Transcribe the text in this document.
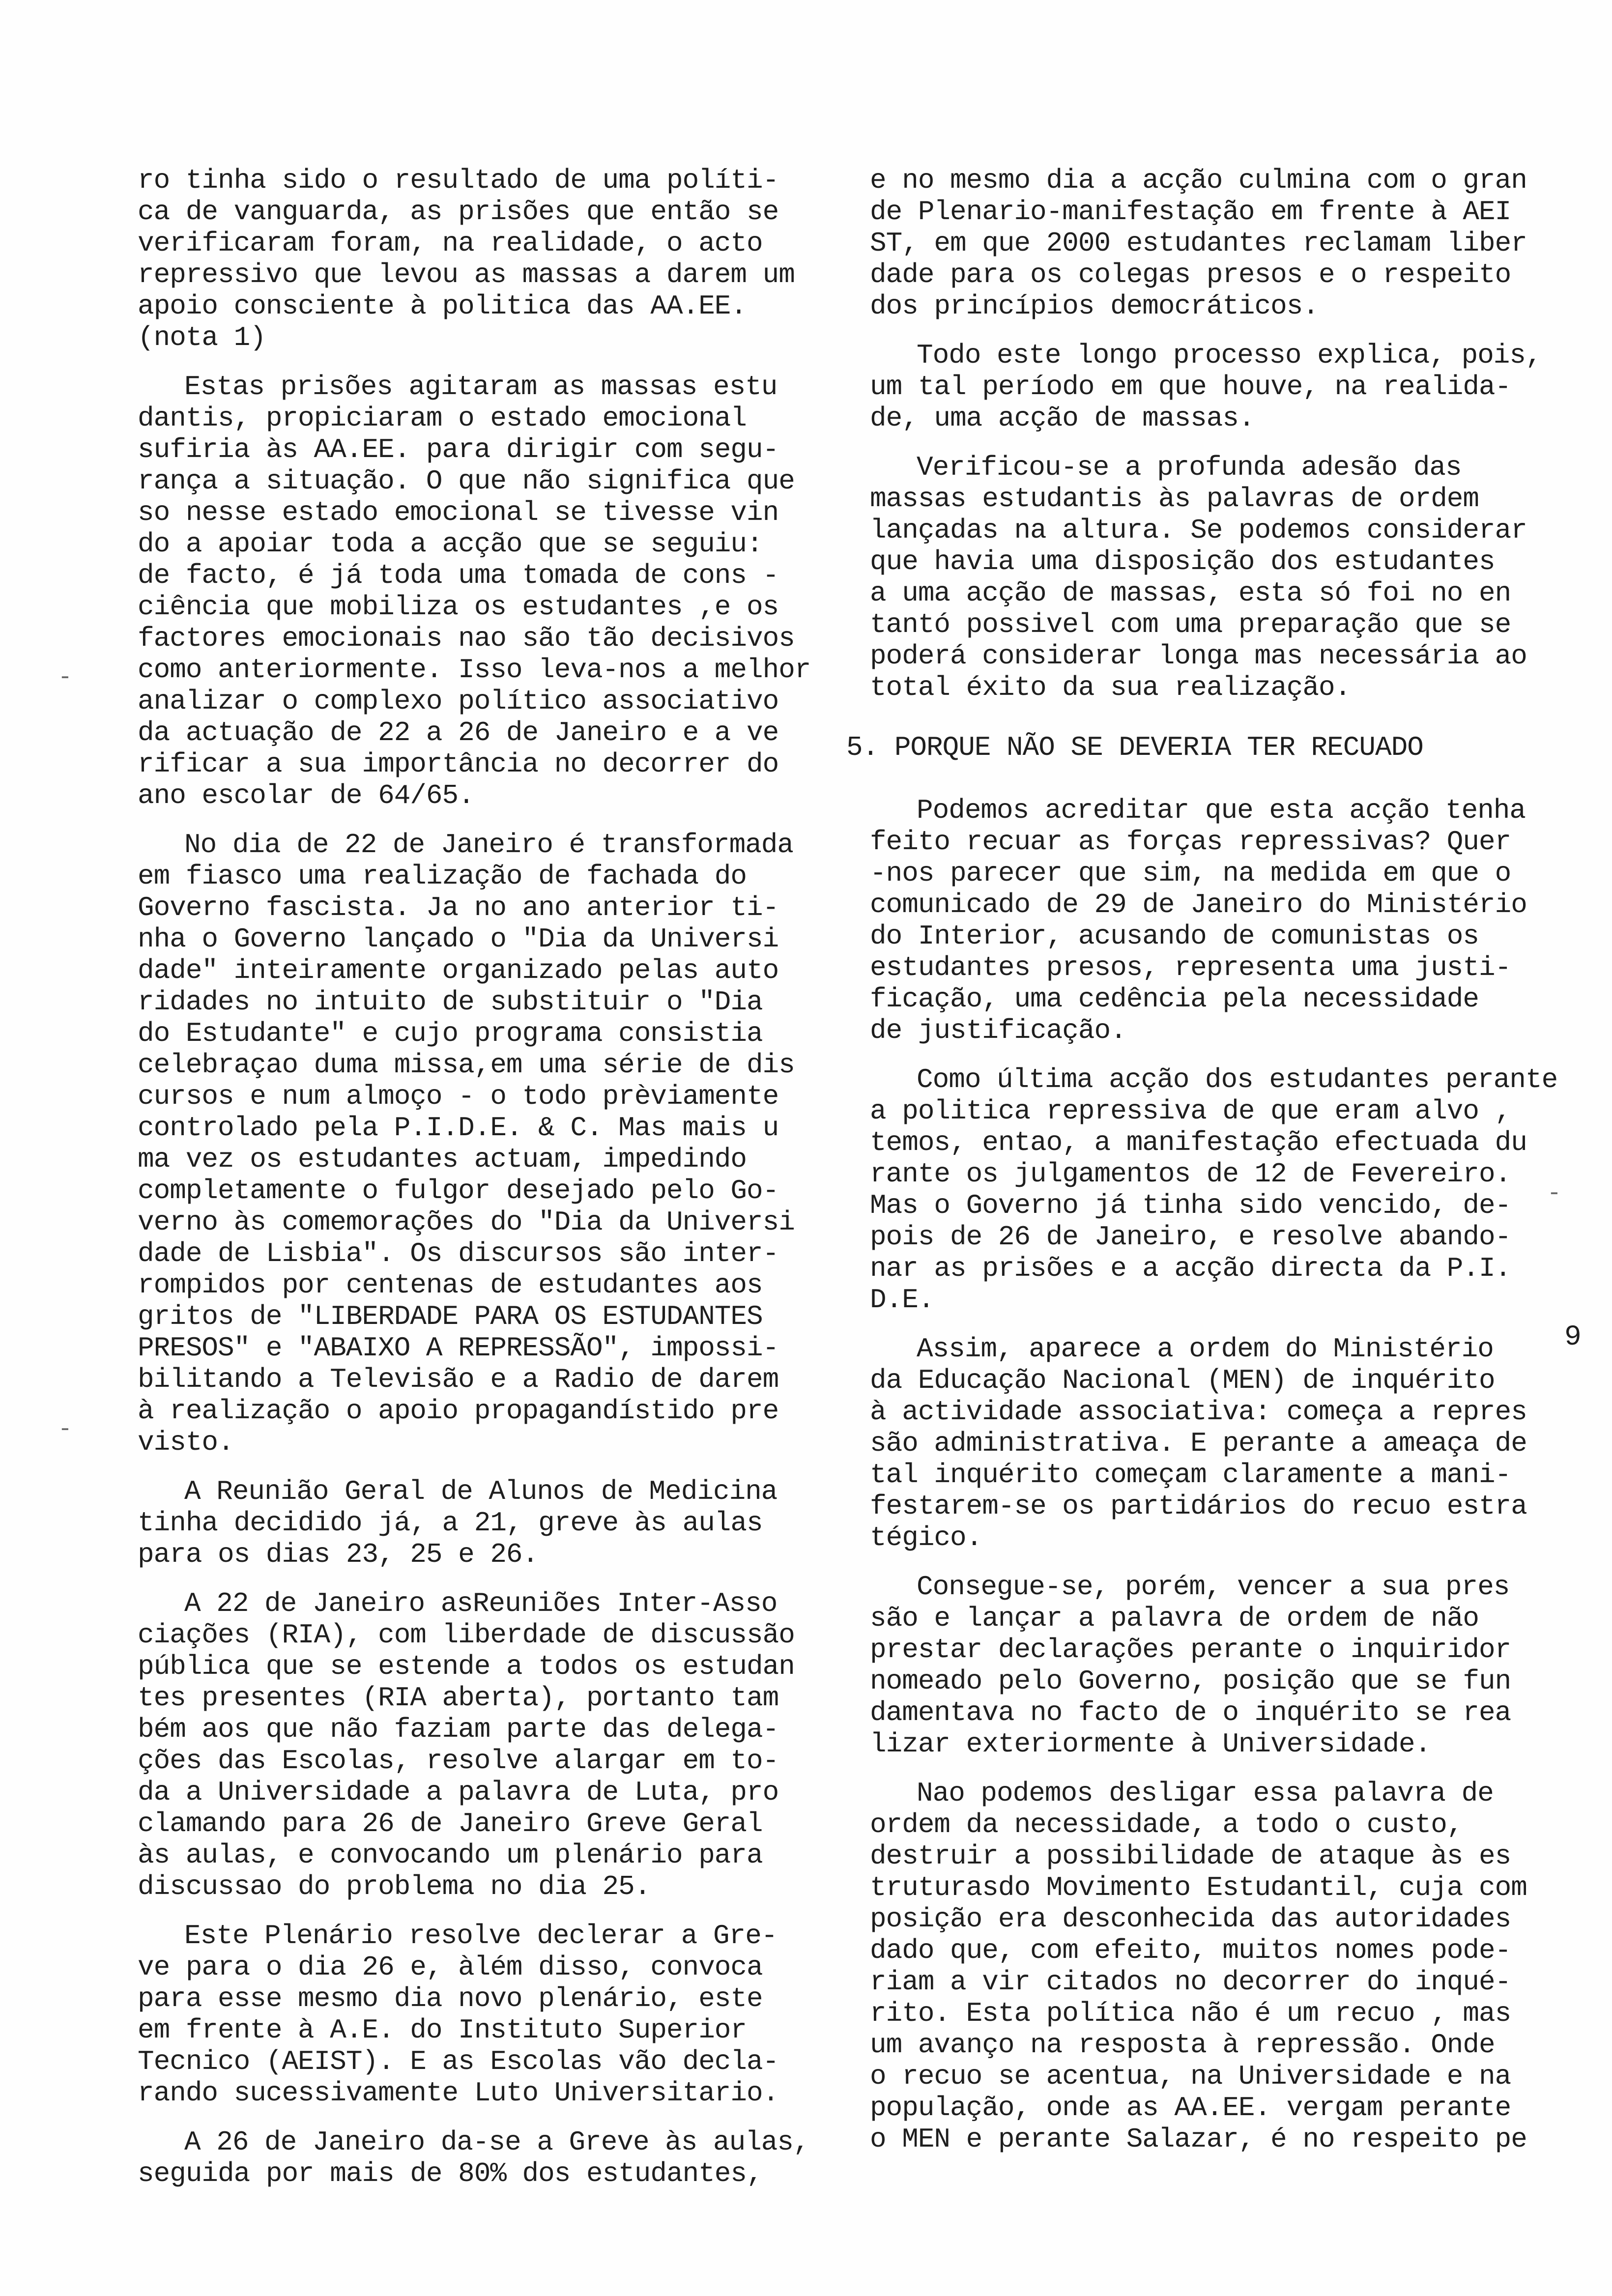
ro tinha sido o resultado de uma políti-
ca de vanguarda, as prisões que então se
verificaram foram, na realidade, o acto
repressivo que levou as massas a darem um
apoio consciente à politica das AA.EE.
(nota 1)
Estas prisões agitaram as massas estu
dantis, propiciaram o estado emocional
sufiria às AA.EE. para dirigir com segu-
rança a situação. O que não significa que
so nesse estado emocional se tivesse vin
do a apoiar toda a acção que se seguiu:
de facto, é já toda uma tomada de cons -
ciência que mobiliza os estudantes ,e os
factores emocionais nao são tão decisivos
como anteriormente. Isso leva-nos a melhor
analizar o complexo político associativo
da actuação de 22 a 26 de Janeiro e a ve
rificar a sua importância no decorrer do
ano escolar de 64/65.
No dia de 22 de Janeiro é transformada
em fiasco uma realização de fachada do
Governo fascista. Ja no ano anterior ti-
nha o Governo lançado o "Dia da Universi
dade" inteiramente organizado pelas auto
ridades no intuito de substituir o "Dia
do Estudante" e cujo programa consistia
celebraçao duma missa,em uma série de dis
cursos e num almoço - o todo prèviamente
controlado pela P.I.D.E. & C. Mas mais u
ma vez os estudantes actuam, impedindo
completamente o fulgor desejado pelo Go-
verno às comemorações do "Dia da Universi
dade de Lisbia". Os discursos são inter-
rompidos por centenas de estudantes aos
gritos de "LIBERDADE PARA OS ESTUDANTES
PRESOS" e "ABAIXO A REPRESSÃO", impossi-
bilitando a Televisão e a Radio de darem
à realização o apoio propagandístido pre
visto.
A Reunião Geral de Alunos de Medicina
tinha decidido já, a 21, greve às aulas
para os dias 23, 25 e 26.
A 22 de Janeiro asReuniões Inter-Asso
ciações (RIA), com liberdade de discussão
pública que se estende a todos os estudan
tes presentes (RIA aberta), portanto tam
bém aos que não faziam parte das delega-
ções das Escolas, resolve alargar em to-
da a Universidade a palavra de Luta, pro
clamando para 26 de Janeiro Greve Geral
às aulas, e convocando um plenário para
discussao do problema no dia 25.
Este Plenário resolve declerar a Gre-
ve para o dia 26 e, àlém disso, convoca
para esse mesmo dia novo plenário, este
em frente à A.E. do Instituto Superior
Tecnico (AEIST). E as Escolas vão decla-
rando sucessivamente Luto Universitario.
A 26 de Janeiro da-se a Greve às aulas,
seguida por mais de 80% dos estudantes,
e no mesmo dia a acção culmina com o gran
de Plenario-manifestação em frente à AEI
ST, em que 2000 estudantes reclamam liber
dade para os colegas presos e o respeito
dos princípios democráticos.
Todo este longo processo explica, pois,
um tal período em que houve, na realida-
de, uma acção de massas.
Verificou-se a profunda adesão das
massas estudantis às palavras de ordem
lançadas na altura. Se podemos considerar
que havia uma disposição dos estudantes
a uma acção de massas, esta só foi no en
tantó possivel com uma preparação que se
poderá considerar longa mas necessária ao
total éxito da sua realização.
5. PORQUE NÃO SE DEVERIA TER RECUADO
Podemos acreditar que esta acção tenha
feito recuar as forças repressivas? Quer
-nos parecer que sim, na medida em que o
comunicado de 29 de Janeiro do Ministério
do Interior, acusando de comunistas os
estudantes presos, representa uma justi-
ficação, uma cedência pela necessidade
de justificação.
Como última acção dos estudantes perante
a politica repressiva de que eram alvo ,
temos, entao, a manifestação efectuada du
rante os julgamentos de 12 de Fevereiro.
Mas o Governo já tinha sido vencido, de-
pois de 26 de Janeiro, e resolve abando-
nar as prisões e a acção directa da P.I.
D.E.
Assim, aparece a ordem do Ministério
da Educação Nacional (MEN) de inquérito
à actividade associativa: começa a repres
são administrativa. E perante a ameaça de
tal inquérito começam claramente a mani-
festarem-se os partidários do recuo estra
tégico.
Consegue-se, porém, vencer a sua pres
são e lançar a palavra de ordem de não
prestar declarações perante o inquiridor
nomeado pelo Governo, posição que se fun
damentava no facto de o inquérito se rea
lizar exteriormente à Universidade.
Nao podemos desligar essa palavra de
ordem da necessidade, a todo o custo,
destruir a possibilidade de ataque às es
truturasdo Movimento Estudantil, cuja com
posição era desconhecida das autoridades
dado que, com efeito, muitos nomes pode-
riam a vir citados no decorrer do inqué-
rito. Esta política não é um recuo , mas
um avanço na resposta à repressão. Onde
o recuo se acentua, na Universidade e na
população, onde as AA.EE. vergam perante
o MEN e perante Salazar, é no respeito pe
9
-
-
-
